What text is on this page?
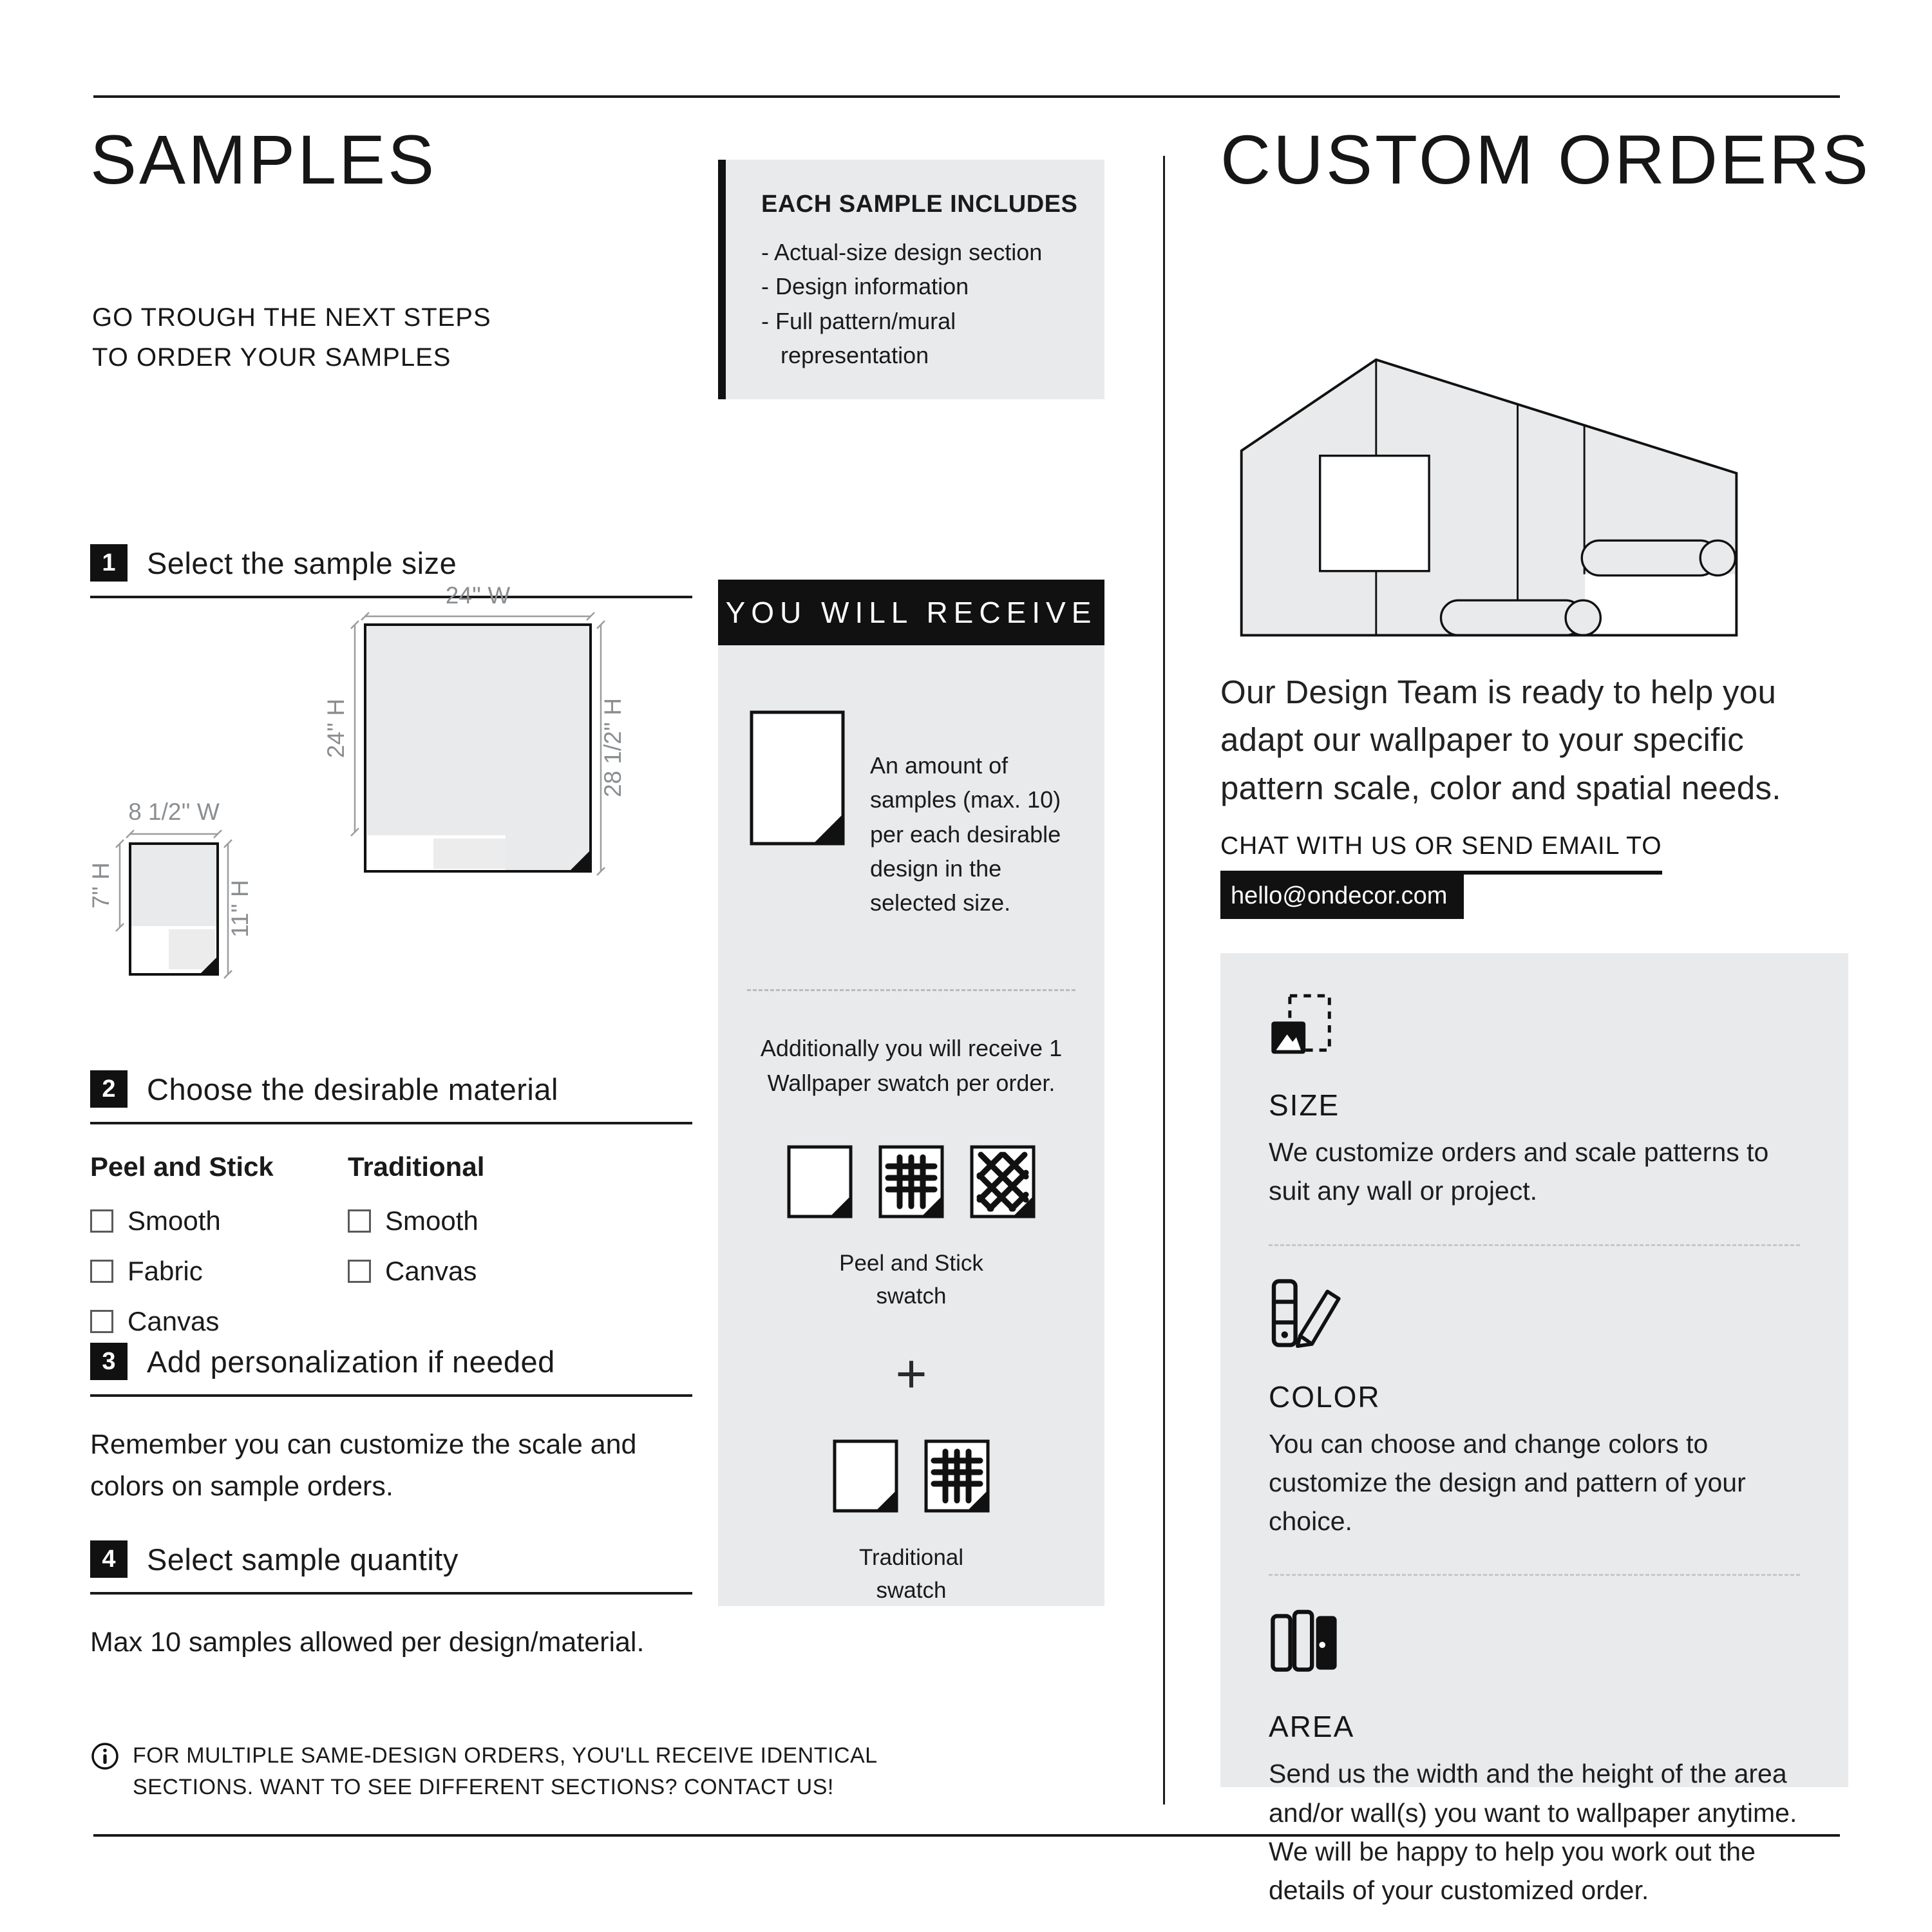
SAMPLES
GO TROUGH THE NEXT STEPS
TO ORDER YOUR SAMPLES
1	Select the sample size
24'' W
24'' H	28 1/2'' H
8 1/2'' W
7'' H	11'' H
2	Choose the desirable material
Peel and Stick
Smooth
Fabric
Canvas
Traditional
Smooth
Canvas
3	Add personalization if needed
Remember you can customize the scale and colors on sample orders.
4	Select sample quantity
Max 10 samples allowed per design/material.
FOR MULTIPLE SAME-DESIGN ORDERS, YOU'LL RECEIVE IDENTICAL
SECTIONS. WANT TO SEE DIFFERENT SECTIONS? CONTACT US!
EACH SAMPLE INCLUDES
- Actual-size design section
- Design information
- Full pattern/mural representation
YOU WILL RECEIVE
An amount of samples (max. 10) per each desirable design in the selected size.
Additionally you will receive 1 Wallpaper swatch per order.
Peel and Stick
swatch
+
Traditional
swatch
CUSTOM ORDERS
Our Design Team is ready to help you adapt our wallpaper to your specific pattern scale, color and spatial needs.
CHAT WITH US OR SEND EMAIL TO
hello@ondecor.com
SIZE
We customize orders and scale patterns to suit any wall or project.
COLOR
You can choose and change colors to customize the design and pattern of your choice.
AREA
Send us the width and the height of the area and/or wall(s) you want to wallpaper anytime. We will be happy to help you work out the details of your customized order.
